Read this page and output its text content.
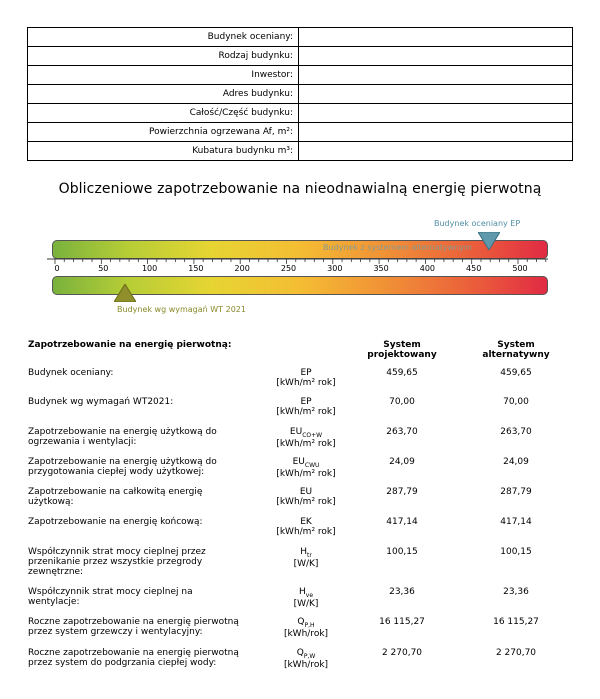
Budynek oceniany:	
Rodzaj budynku:	
Inwestor:	
Adres budynku:	
Całość/Część budynku:	
Powierzchnia ogrzewana Af, m²:	
Kubatura budynku m³:	
Obliczeniowe zapotrzebowanie na nieodnawialną energię pierwotną
Budynek oceniany EP
Budynek z systemem alternatywnym
0	50	100	150	200	250	300	350	400	450	500
Budynek wg wymagań WT 2021
Zapotrzebowanie na energię pierwotną:		System
projektowany	System
alternatywny
Budynek oceniany:	EP
[kWh/m² rok]	459,65	459,65
Budynek wg wymagań WT2021:	EP
[kWh/m² rok]	70,00	70,00
Zapotrzebowanie na energię użytkową do
ogrzewania i wentylacji:	$EU_{CO+W}$
[kWh/m² rok]	263,70	263,70
Zapotrzebowanie na energię użytkową do
przygotowania ciepłej wody użytkowej:	$EU_{CWU}$
[kWh/m² rok]	24,09	24,09
Zapotrzebowanie na całkowitą energię
użytkową:	EU
[kWh/m² rok]	287,79	287,79
Zapotrzebowanie na energię końcową:	EK
[kWh/m² rok]	417,14	417,14
Współczynnik strat mocy cieplnej przez
przenikanie przez wszystkie przegrody
zewnętrzne:	$H_{tr}$
[W/K]	100,15	100,15
Współczynnik strat mocy cieplnej na
wentylacje:	$H_{ve}$
[W/K]	23,36	23,36
Roczne zapotrzebowanie na energię pierwotną
przez system grzewczy i wentylacyjny:	$Q_{P,H}$
[kWh/rok]	16 115,27	16 115,27
Roczne zapotrzebowanie na energię pierwotną
przez system do podgrzania ciepłej wody:	$Q_{P,W}$
[kWh/rok]	2 270,70	2 270,70
